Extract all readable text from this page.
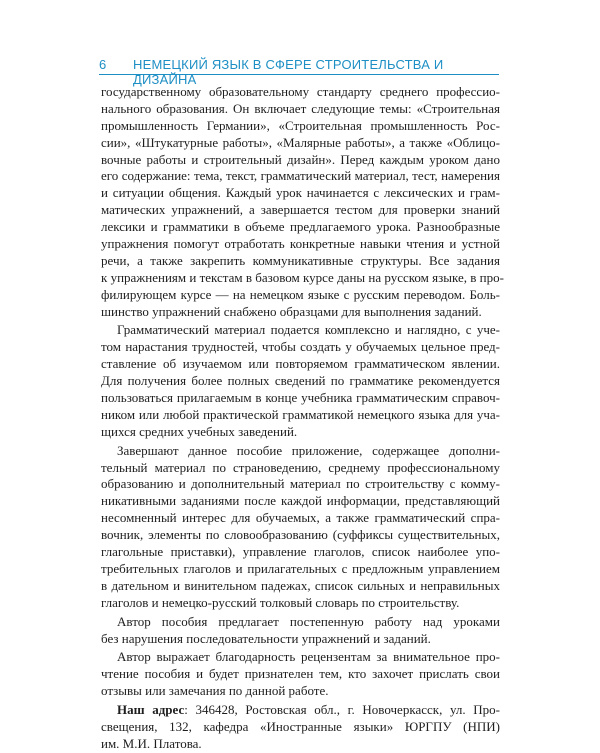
6 НЕМЕЦКИЙ ЯЗЫК В СФЕРЕ СТРОИТЕЛЬСТВА И ДИЗАЙНА
государственному образовательному стандарту среднего профессио-
нального образования. Он включает следующие темы: «Строительная
промышленность Германии», «Строительная промышленность Рос-
сии», «Штукатурные работы», «Малярные работы», а также «Облицо-
вочные работы и строительный дизайн». Перед каждым уроком дано
его содержание: тема, текст, грамматический материал, тест, намерения
и ситуации общения. Каждый урок начинается с лексических и грам-
матических упражнений, а завершается тестом для проверки знаний
лексики и грамматики в объеме предлагаемого урока. Разнообразные
упражнения помогут отработать конкретные навыки чтения и устной
речи, а также закрепить коммуникативные структуры. Все задания
к упражнениям и текстам в базовом курсе даны на русском языке, в про-
филирующем курсе — на немецком языке с русским переводом. Боль-
шинство упражнений снабжено образцами для выполнения заданий.
Грамматический материал подается комплексно и наглядно, с уче-
том нарастания трудностей, чтобы создать у обучаемых цельное пред-
ставление об изучаемом или повторяемом грамматическом явлении.
Для получения более полных сведений по грамматике рекомендуется
пользоваться прилагаемым в конце учебника грамматическим справоч-
ником или любой практической грамматикой немецкого языка для уча-
щихся средних учебных заведений.
Завершают данное пособие приложение, содержащее дополни-
тельный материал по страноведению, среднему профессиональному
образованию и дополнительный материал по строительству с комму-
никативными заданиями после каждой информации, представляющий
несомненный интерес для обучаемых, а также грамматический спра-
вочник, элементы по словообразованию (суффиксы существительных,
глагольные приставки), управление глаголов, список наиболее упо-
требительных глаголов и прилагательных с предложным управлением
в дательном и винительном падежах, список сильных и неправильных
глаголов и немецко-русский толковый словарь по строительству.
Автор пособия предлагает постепенную работу над уроками
без нарушения последовательности упражнений и заданий.
Автор выражает благодарность рецензентам за внимательное про-
чтение пособия и будет признателен тем, кто захочет прислать свои
отзывы или замечания по данной работе.
Наш адрес: 346428, Ростовская обл., г. Новочеркасск, ул. Про-
свещения, 132, кафедра «Иностранные языки» ЮРГПУ (НПИ)
им. М.И. Платова.
